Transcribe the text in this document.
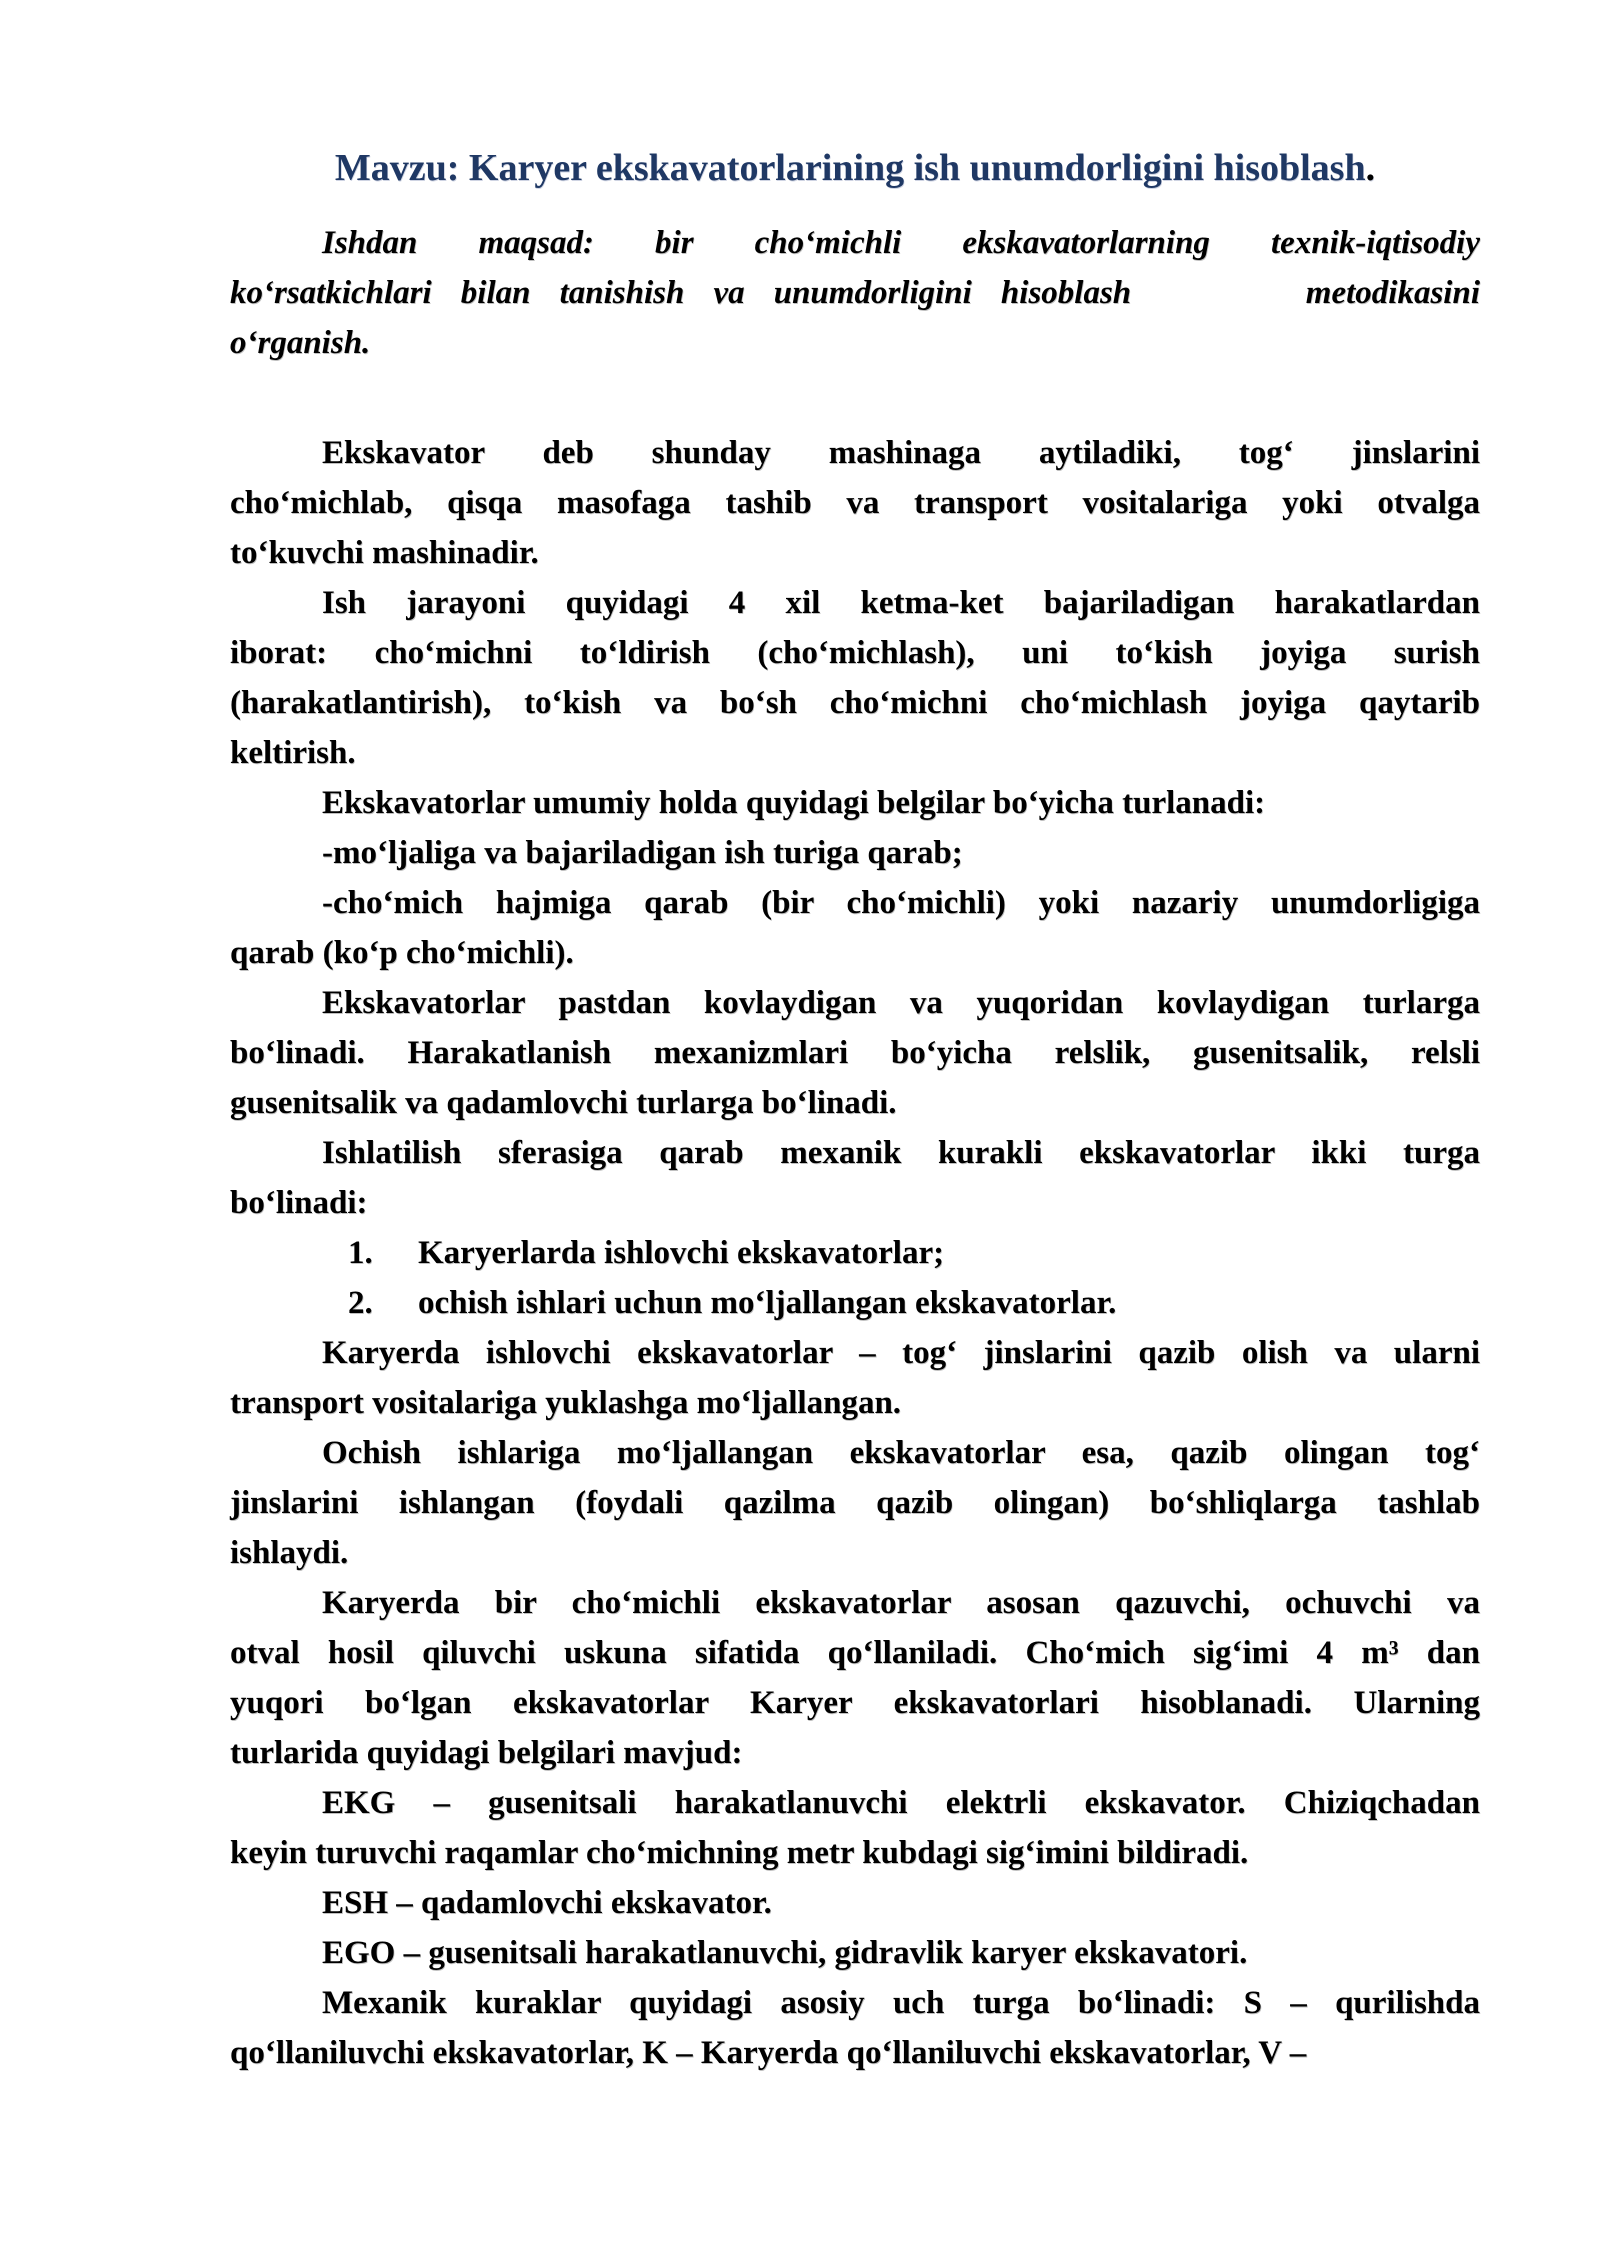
Mavzu: Karyer ekskavatorlarining ish unumdorligini hisoblash.
Ishdan maqsad: bir cho‘michli ekskavatorlarning texnik-iqtisodiy
ko‘rsatkichlari bilan tanishish va unumdorligini hisoblash      metodikasini
o‘rganish.
Ekskavator deb shunday mashinaga aytiladiki, tog‘ jinslarini
cho‘michlab, qisqa masofaga tashib va transport vositalariga yoki otvalga
to‘kuvchi mashinadir.
Ish jarayoni quyidagi 4 xil ketma-ket bajariladigan harakatlardan
iborat: cho‘michni to‘ldirish (cho‘michlash), uni to‘kish joyiga surish
(harakatlantirish), to‘kish va bo‘sh cho‘michni cho‘michlash joyiga qaytarib
keltirish.
Ekskavatorlar umumiy holda quyidagi belgilar bo‘yicha turlanadi:
-mo‘ljaliga va bajariladigan ish turiga qarab;
-cho‘mich hajmiga qarab (bir cho‘michli) yoki nazariy unumdorligiga
qarab (ko‘p cho‘michli).
Ekskavatorlar pastdan kovlaydigan va yuqoridan kovlaydigan turlarga
bo‘linadi. Harakatlanish mexanizmlari bo‘yicha relslik, gusenitsalik, relsli
gusenitsalik va qadamlovchi turlarga bo‘linadi.
Ishlatilish sferasiga qarab mexanik kurakli ekskavatorlar ikki turga
bo‘linadi:
1. Karyerlarda ishlovchi ekskavatorlar;
2. ochish ishlari uchun mo‘ljallangan ekskavatorlar.
Karyerda ishlovchi ekskavatorlar – tog‘ jinslarini qazib olish va ularni
transport vositalariga yuklashga mo‘ljallangan.
Ochish ishlariga mo‘ljallangan ekskavatorlar esa, qazib olingan tog‘
jinslarini ishlangan (foydali qazilma qazib olingan) bo‘shliqlarga tashlab
ishlaydi.
Karyerda bir cho‘michli ekskavatorlar asosan qazuvchi, ochuvchi va
otval hosil qiluvchi uskuna sifatida qo‘llaniladi. Cho‘mich sig‘imi 4 m³ dan
yuqori bo‘lgan ekskavatorlar Karyer ekskavatorlari hisoblanadi. Ularning
turlarida quyidagi belgilari mavjud:
EKG – gusenitsali harakatlanuvchi elektrli ekskavator. Chiziqchadan
keyin turuvchi raqamlar cho‘michning metr kubdagi sig‘imini bildiradi.
ESH – qadamlovchi ekskavator.
EGO – gusenitsali harakatlanuvchi, gidravlik karyer ekskavatori.
Mexanik kuraklar quyidagi asosiy uch turga bo‘linadi: S – qurilishda
qo‘llaniluvchi ekskavatorlar, K – Karyerda qo‘llaniluvchi ekskavatorlar, V –
